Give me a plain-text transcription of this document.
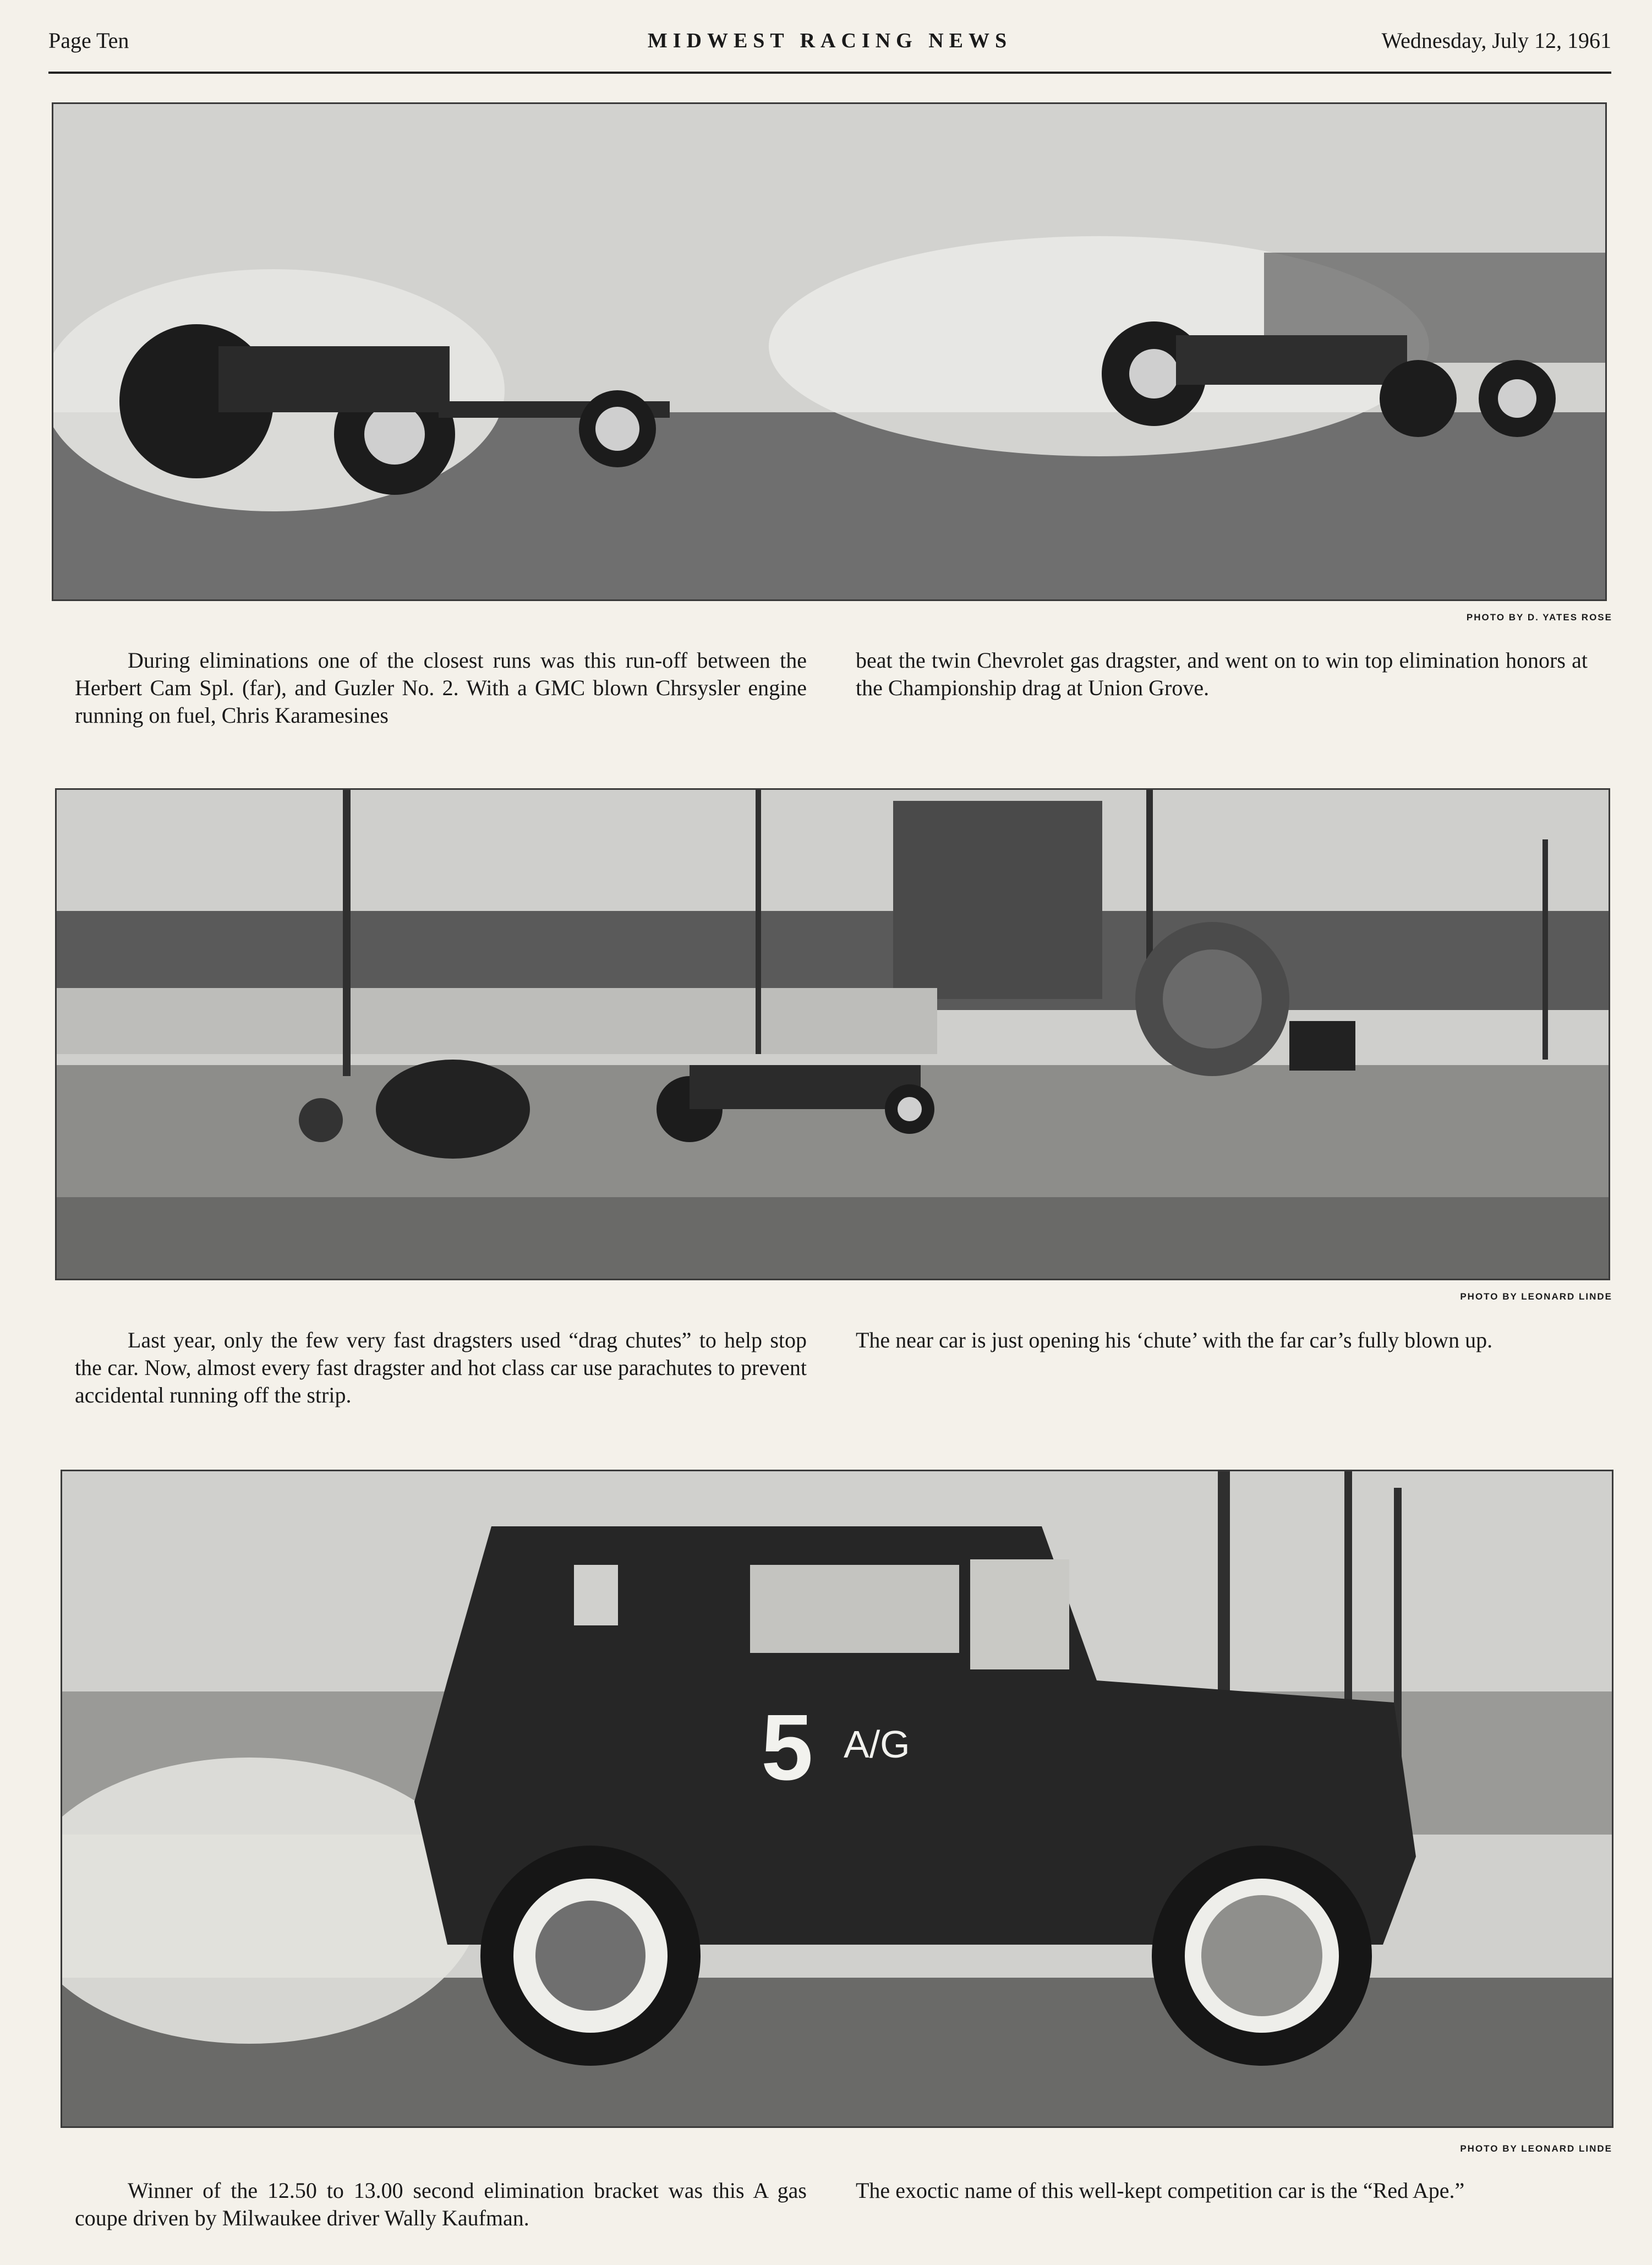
Page Ten	MIDWEST RACING NEWS	Wednesday, July 12, 1961
PHOTO BY D. YATES ROSE
During eliminations one of the closest runs was this run-off between the Herbert Cam Spl. (far), and Guzler No. 2. With a GMC blown Chrsysler engine running on fuel, Chris Karamesines
beat the twin Chevrolet gas dragster, and went on to win top elimination honors at the Championship drag at Union Grove.
PHOTO BY LEONARD LINDE
Last year, only the few very fast dragsters used “drag chutes” to help stop the car. Now, almost every fast dragster and hot class car use parachutes to prevent accidental running off the strip.
The near car is just opening his ‘chute’ with the far car’s fully blown up.
5 A/G
PHOTO BY LEONARD LINDE
Winner of the 12.50 to 13.00 second elimination bracket was this A gas coupe driven by Milwaukee driver Wally Kaufman.
The exoctic name of this well-kept competition car is the “Red Ape.”
